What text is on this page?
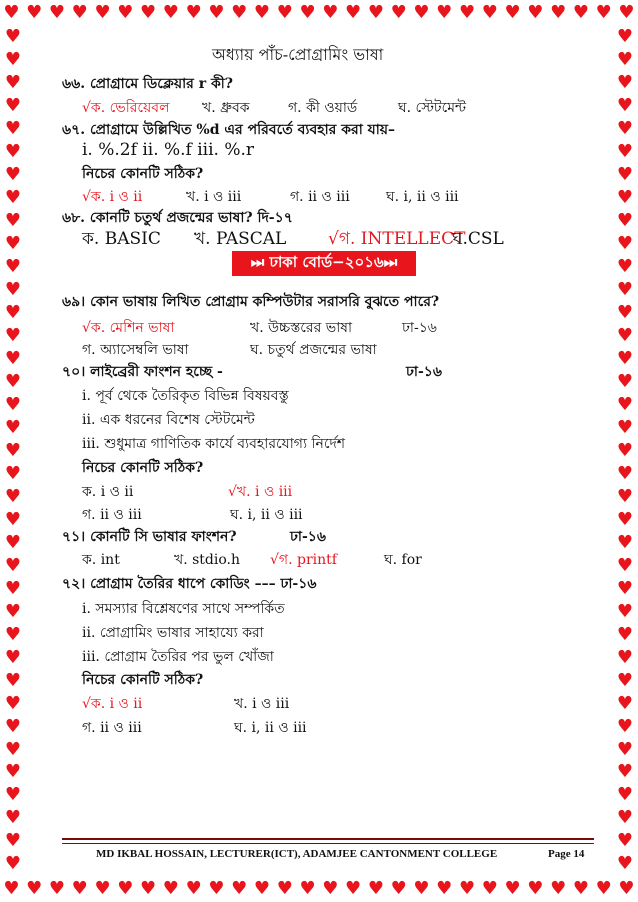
♥ ♥ ♥ ♥ ♥ ♥ ♥ ♥ ♥ ♥ ♥ ♥ ♥ ♥ ♥ ♥ ♥ ♥ ♥ ♥ ♥ ♥ ♥ ♥ ♥ ♥ ♥ ♥
♥ ♥ ♥ ♥ ♥ ♥ ♥ ♥ ♥ ♥ ♥ ♥ ♥ ♥ ♥ ♥ ♥ ♥ ♥ ♥ ♥ ♥ ♥ ♥ ♥ ♥ ♥ ♥
♥
♥
♥
♥
♥
♥
♥
♥
♥
♥
♥
♥
♥
♥
♥
♥
♥
♥
♥
♥
♥
♥
♥
♥
♥
♥
♥
♥
♥
♥
♥
♥
♥
♥
♥
♥
♥
♥
♥
♥
♥
♥
♥
♥
♥
♥
♥
♥
♥
♥
♥
♥
♥
♥
♥
♥
♥
♥
♥
♥
♥
♥
♥
♥
♥
♥
♥
♥
♥
♥
♥
♥
♥
♥
অধ্যায় পাঁচ-প্রোগ্রামিং ভাষা
৬৬. প্রোগ্রামে ডিক্লেয়ার r কী?
√ক. ভেরিয়েবল খ. ধ্রুবক	গ. কী ওয়ার্ড	ঘ. স্টেটমেন্ট
৬৭. প্রোগ্রামে উল্লিখিত %d এর পরিবর্তে ব্যবহার করা যায়–
i. %.2f ii. %.f iii. %.r
নিচের কোনটি সঠিক?
√ক. i ও ii	খ. i ও iii	গ. ii ও iii	ঘ. i, ii ও iii
৬৮. কোনটি চতুর্থ প্রজন্মের ভাষা? দি-১৭
ক. BASIC খ. PASCAL √গ. INTELLECT
ঘ.CSL
⏭ ঢাকা বোর্ড−২০১৬⏭
৬৯। কোন ভাষায় লিখিত প্রোগ্রাম কম্পিউটার সরাসরি বুঝতে পারে?
√ক. মেশিন ভাষা	খ. উচ্চস্তরের ভাষা	ঢা-১৬
গ. অ্যাসেম্বলি ভাষা	ঘ. চতুর্থ প্রজন্মের ভাষা
৭০। লাইব্রেরী ফাংশন হচ্ছে -	ঢা-১৬
i. পূর্ব থেকে তৈরিকৃত বিভিন্ন বিষয়বস্তু
ii. এক ধরনের বিশেষ স্টেটমেন্ট
iii. শুধুমাত্র গাণিতিক কার্যে ব্যবহারযোগ্য নির্দেশ
নিচের কোনটি সঠিক?
ক. i ও ii	√খ. i ও iii
গ. ii ও iii	ঘ. i, ii ও iii
৭১। কোনটি সি ভাষার ফাংশন?	ঢা-১৬
ক. int	খ. stdio.h √গ. printf	ঘ. for
৭২। প্রোগ্রাম তৈরির ধাপে কোডিং ––– ঢা-১৬
i. সমস্যার বিশ্লেষণের সাথে সম্পর্কিত
ii. প্রোগ্রামিং ভাষার সাহায্যে করা
iii. প্রোগ্রাম তৈরির পর ভুল খোঁজা
নিচের কোনটি সঠিক?
√ক. i ও ii	খ. i ও iii
গ. ii ও iii	ঘ. i, ii ও iii
MD IKBAL HOSSAIN, LECTURER(ICT), ADAMJEE CANTONMENT COLLEGE	Page 14
